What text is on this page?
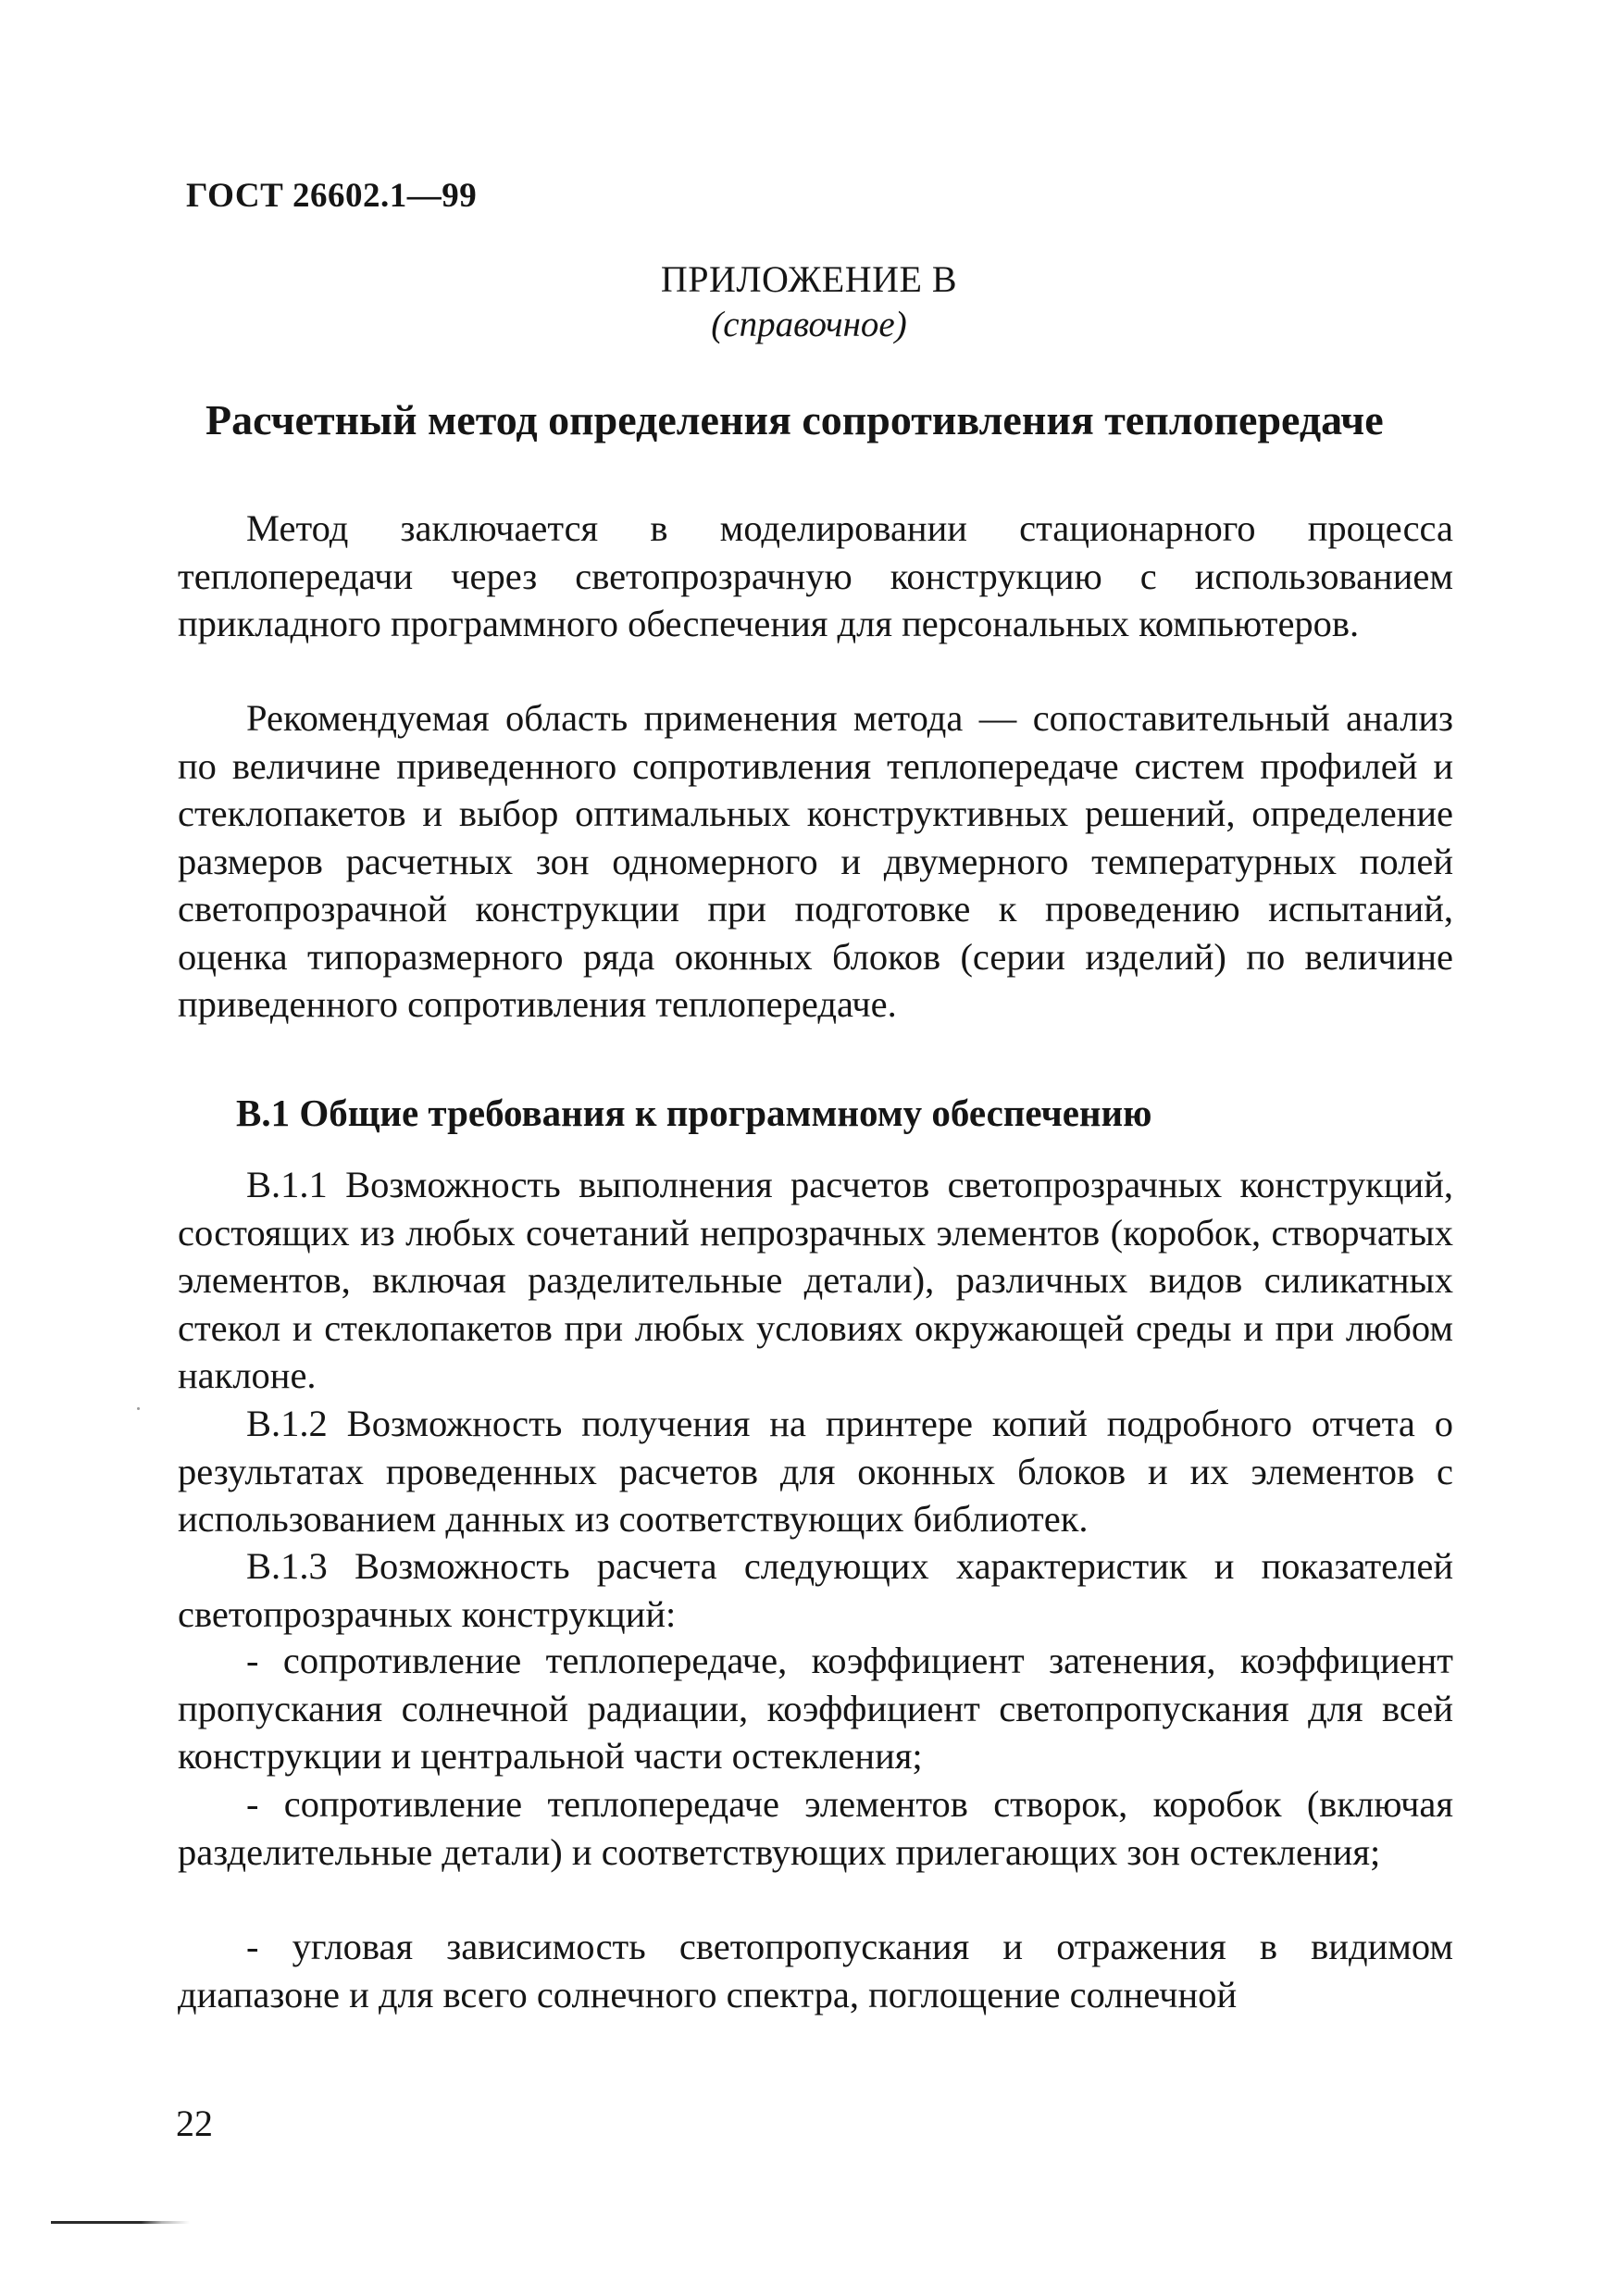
ГОСТ 26602.1—99
ПРИЛОЖЕНИЕ В
(справочное)
Расчетный метод определения сопротивления теплопередаче

Метод заключается в моделировании стационарного процесса теплопередачи через светопрозрачную конструкцию с использованием прикладного программного обеспечения для персональных компьютеров.

Рекомендуемая область применения метода — сопоставительный анализ по величине приведенного сопротивления теплопередаче систем профилей и стеклопакетов и выбор оптимальных конструктивных решений, определение размеров расчетных зон одномерного и двумерного температурных полей светопрозрачной конструкции при подготовке к проведению испытаний, оценка типоразмерного ряда оконных блоков (серии изделий) по величине приведенного сопротивления теплопередаче.

В.1 Общие требования к программному обеспечению

В.1.1 Возможность выполнения расчетов светопрозрачных конструкций, состоящих из любых сочетаний непрозрачных элементов (коробок, створчатых элементов, включая разделительные детали), различных видов силикатных стекол и стеклопакетов при любых условиях окружающей среды и при любом наклоне.

В.1.2 Возможность получения на принтере копий подробного отчета о результатах проведенных расчетов для оконных блоков и их элементов с использованием данных из соответствующих библиотек.

В.1.3 Возможность расчета следующих характеристик и показателей светопрозрачных конструкций:

- сопротивление теплопередаче, коэффициент затенения, коэффициент пропускания солнечной радиации, коэффициент светопропускания для всей конструкции и центральной части остекления;

- сопротивление теплопередаче элементов створок, коробок (включая разделительные детали) и соответствующих прилегающих зон остекления;

- угловая зависимость светопропускания и отражения в видимом диапазоне и для всего солнечного спектра, поглощение солнечной

22
